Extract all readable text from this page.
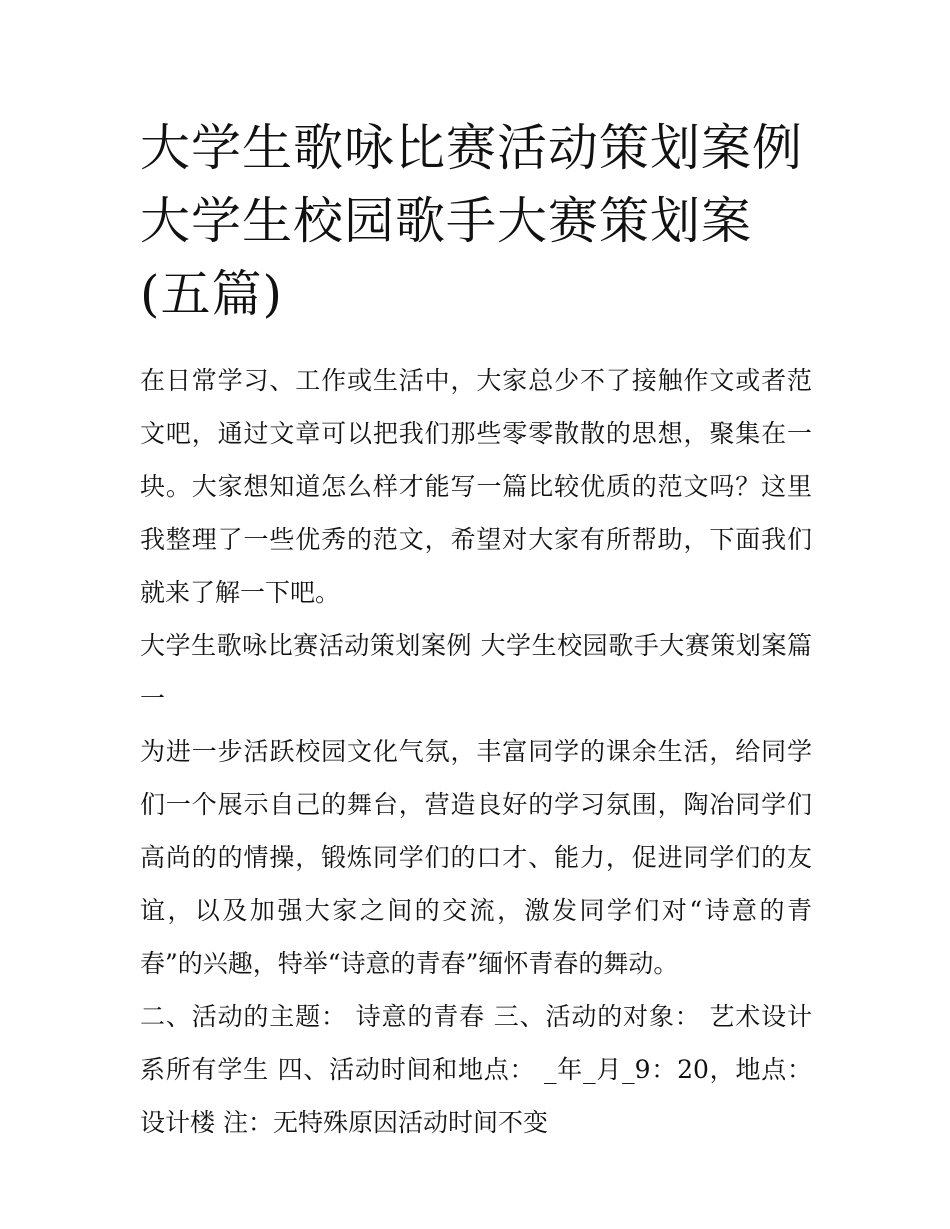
大学生歌咏比赛活动策划案例 大学生校园歌手大赛策划案(五篇)

在日常学习、工作或生活中，大家总少不了接触作文或者范文吧，通过文章可以把我们那些零零散散的思想，聚集在一块。大家想知道怎么样才能写一篇比较优质的范文吗？这里我整理了一些优秀的范文，希望对大家有所帮助，下面我们就来了解一下吧。

大学生歌咏比赛活动策划案例 大学生校园歌手大赛策划案篇一

为进一步活跃校园文化气氛，丰富同学的课余生活，给同学们一个展示自己的舞台，营造良好的学习氛围，陶冶同学们高尚的的情操，锻炼同学们的口才、能力，促进同学们的友谊，以及加强大家之间的交流，激发同学们对“诗意的青春”的兴趣，特举“诗意的青春”缅怀青春的舞动。

二、活动的主题： 诗意的青春 三、活动的对象： 艺术设计系所有学生 四、活动时间和地点： _年_月_9：20，地点：设计楼 注：无特殊原因活动时间不变
